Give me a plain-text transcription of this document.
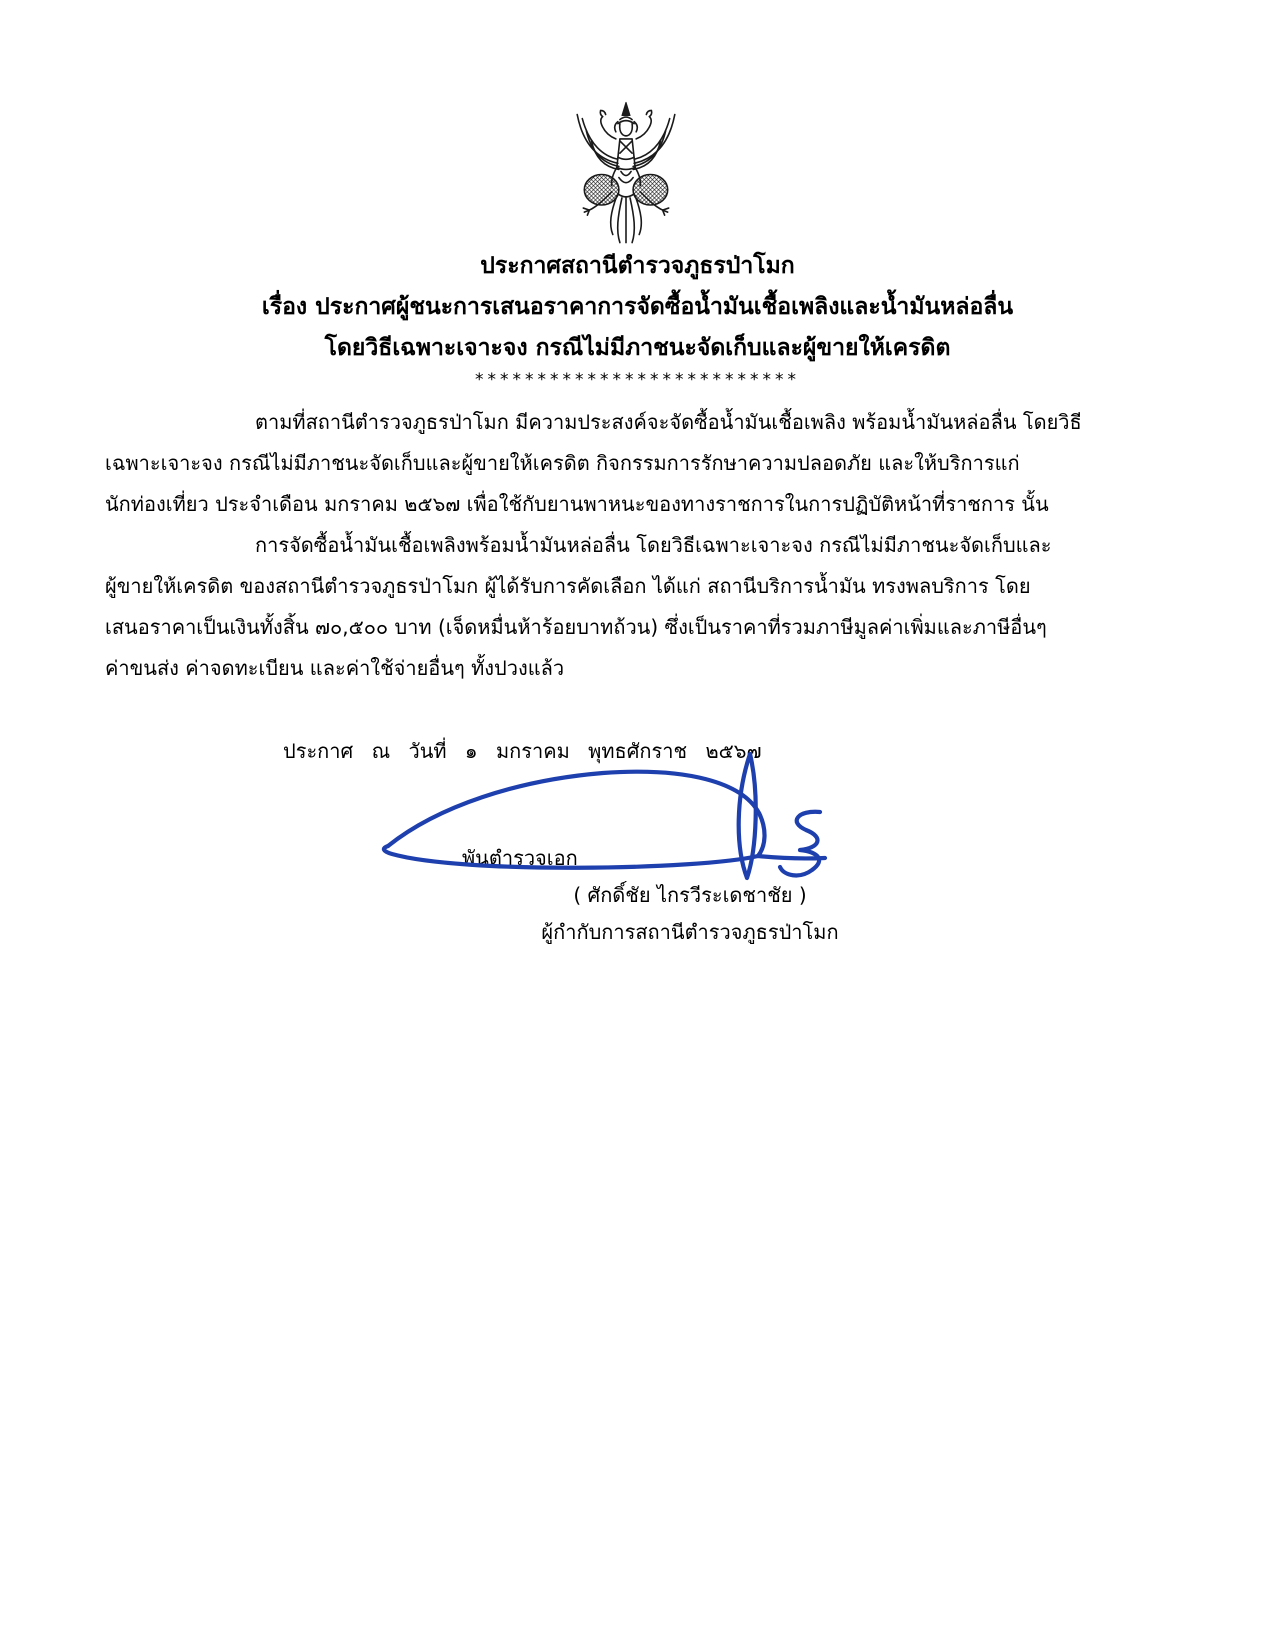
ประกาศสถานีตำรวจภูธรป่าโมก
เรื่อง ประกาศผู้ชนะการเสนอราคาการจัดซื้อน้ำมันเชื้อเพลิงและน้ำมันหล่อลื่น
โดยวิธีเฉพาะเจาะจง กรณีไม่มีภาชนะจัดเก็บและผู้ขายให้เครดิต
**************************
ตามที่สถานีตำรวจภูธรป่าโมก มีความประสงค์จะจัดซื้อน้ำมันเชื้อเพลิง พร้อมน้ำมันหล่อลื่น โดยวิธี
เฉพาะเจาะจง กรณีไม่มีภาชนะจัดเก็บและผู้ขายให้เครดิต กิจกรรมการรักษาความปลอดภัย และให้บริการแก่
นักท่องเที่ยว ประจำเดือน มกราคม ๒๕๖๗ เพื่อใช้กับยานพาหนะของทางราชการในการปฏิบัติหน้าที่ราชการ นั้น
การจัดซื้อน้ำมันเชื้อเพลิงพร้อมน้ำมันหล่อลื่น โดยวิธีเฉพาะเจาะจง กรณีไม่มีภาชนะจัดเก็บและ
ผู้ขายให้เครดิต ของสถานีตำรวจภูธรป่าโมก ผู้ได้รับการคัดเลือก ได้แก่ สถานีบริการน้ำมัน ทรงพลบริการ โดย
เสนอราคาเป็นเงินทั้งสิ้น ๗๐,๕๐๐ บาท (เจ็ดหมื่นห้าร้อยบาทถ้วน) ซึ่งเป็นราคาที่รวมภาษีมูลค่าเพิ่มและภาษีอื่นๆ
ค่าขนส่ง ค่าจดทะเบียน และค่าใช้จ่ายอื่นๆ ทั้งปวงแล้ว
ประกาศ ณ วันที่ ๑ มกราคม พุทธศักราช ๒๕๖๗
พันตำรวจเอก
( ศักดิ์ชัย ไกรวีระเดชาชัย )
ผู้กำกับการสถานีตำรวจภูธรป่าโมก
